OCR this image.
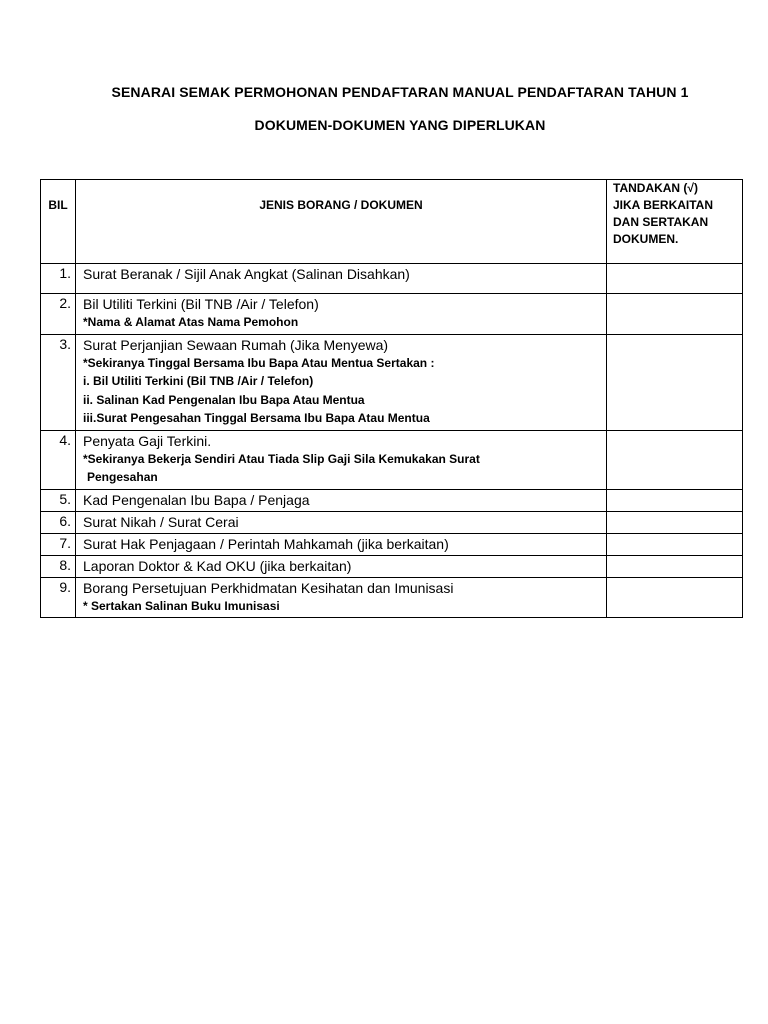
SENARAI SEMAK PERMOHONAN PENDAFTARAN MANUAL PENDAFTARAN TAHUN 1
DOKUMEN-DOKUMEN YANG DIPERLUKAN
BIL	JENIS BORANG / DOKUMEN	TANDAKAN (√)
JIKA BERKAITAN
DAN SERTAKAN
DOKUMEN.

1.	Surat Beranak / Sijil Anak Angkat (Salinan Disahkan)	

2.	Bil Utiliti Terkini (Bil TNB /Air / Telefon)
*Nama & Alamat Atas Nama Pemohon	

3.	Surat Perjanjian Sewaan Rumah (Jika Menyewa)
*Sekiranya Tinggal Bersama Ibu Bapa Atau Mentua Sertakan :
i. Bil Utiliti Terkini (Bil TNB /Air / Telefon)
ii. Salinan Kad Pengenalan Ibu Bapa Atau Mentua
iii.Surat Pengesahan Tinggal Bersama Ibu Bapa Atau Mentua	

4.	Penyata Gaji Terkini.
*Sekiranya Bekerja Sendiri Atau Tiada Slip Gaji Sila Kemukakan Surat
Pengesahan	

5.	Kad Pengenalan Ibu Bapa / Penjaga	

6.	Surat Nikah / Surat Cerai	

7.	Surat Hak Penjagaan / Perintah Mahkamah (jika berkaitan)	

8.	Laporan Doktor & Kad OKU (jika berkaitan)	

9.	Borang Persetujuan Perkhidmatan Kesihatan dan Imunisasi
* Sertakan Salinan Buku Imunisasi	
